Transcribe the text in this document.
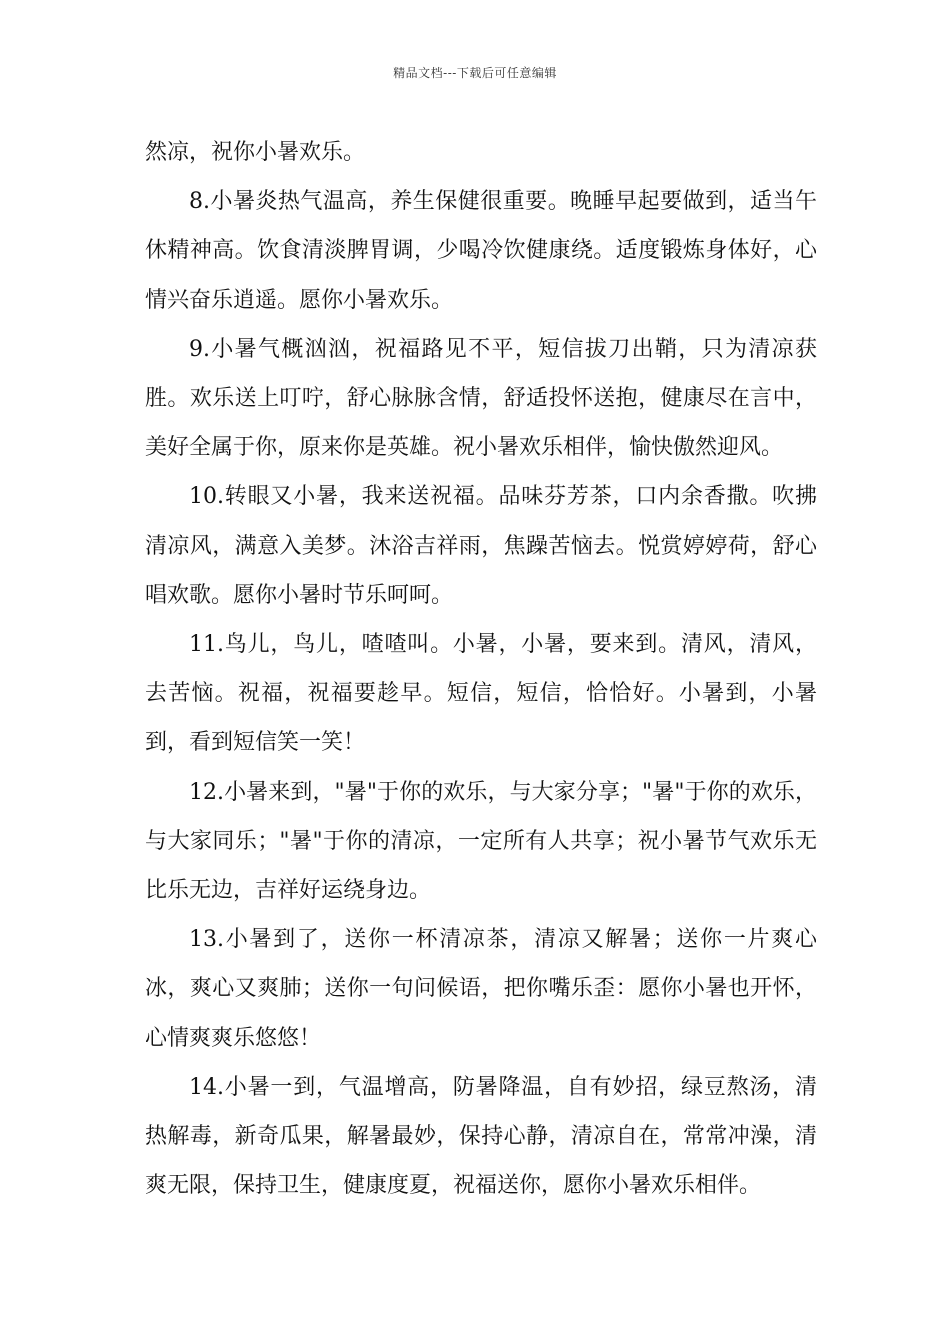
精品文档---下载后可任意编辑

然凉，祝你小暑欢乐。

8.小暑炎热气温高，养生保健很重要。晚睡早起要做到，适当午休精神高。饮食清淡脾胃调，少喝冷饮健康绕。适度锻炼身体好，心情兴奋乐逍遥。愿你小暑欢乐。

9.小暑气概汹汹，祝福路见不平，短信拔刀出鞘，只为清凉获胜。欢乐送上叮咛，舒心脉脉含情，舒适投怀送抱，健康尽在言中，美好全属于你，原来你是英雄。祝小暑欢乐相伴，愉快傲然迎风。

10.转眼又小暑，我来送祝福。品味芬芳茶，口内余香撒。吹拂清凉风，满意入美梦。沐浴吉祥雨，焦躁苦恼去。悦赏婷婷荷，舒心唱欢歌。愿你小暑时节乐呵呵。

11.鸟儿，鸟儿，喳喳叫。小暑，小暑，要来到。清风，清风，去苦恼。祝福，祝福要趁早。短信，短信，恰恰好。小暑到，小暑到，看到短信笑一笑！

12.小暑来到，"暑"于你的欢乐，与大家分享；"暑"于你的欢乐，与大家同乐；"暑"于你的清凉，一定所有人共享；祝小暑节气欢乐无比乐无边，吉祥好运绕身边。

13.小暑到了，送你一杯清凉茶，清凉又解暑；送你一片爽心冰，爽心又爽肺；送你一句问候语，把你嘴乐歪：愿你小暑也开怀，心情爽爽乐悠悠！

14.小暑一到，气温增高，防暑降温，自有妙招，绿豆熬汤，清热解毒，新奇瓜果，解暑最妙，保持心静，清凉自在，常常冲澡，清爽无限，保持卫生，健康度夏，祝福送你，愿你小暑欢乐相伴。
